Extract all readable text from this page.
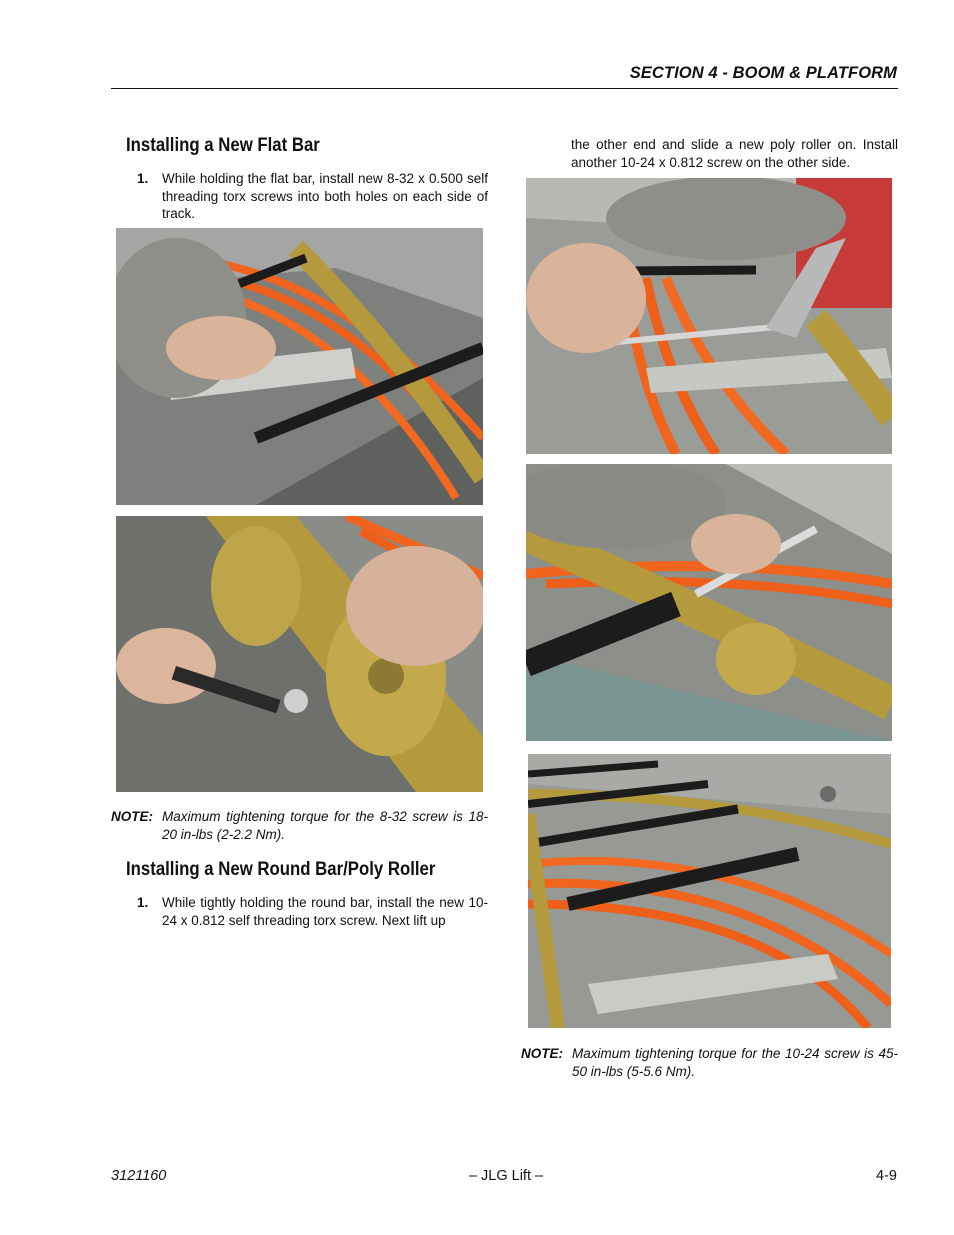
SECTION 4 - BOOM & PLATFORM
Installing a New Flat Bar
1. While holding the flat bar, install new 8-32 x 0.500 self threading torx screws into both holes on each side of track.
NOTE: Maximum tightening torque for the 8-32 screw is 18-20 in-lbs (2-2.2 Nm).
Installing a New Round Bar/Poly Roller
1. While tightly holding the round bar, install the new 10-24 x 0.812 self threading torx screw. Next lift up
the other end and slide a new poly roller on. Install another 10-24 x 0.812 screw on the other side.
NOTE: Maximum tightening torque for the 10-24 screw is 45-50 in-lbs (5-5.6 Nm).
3121160	– JLG Lift –	4-9
